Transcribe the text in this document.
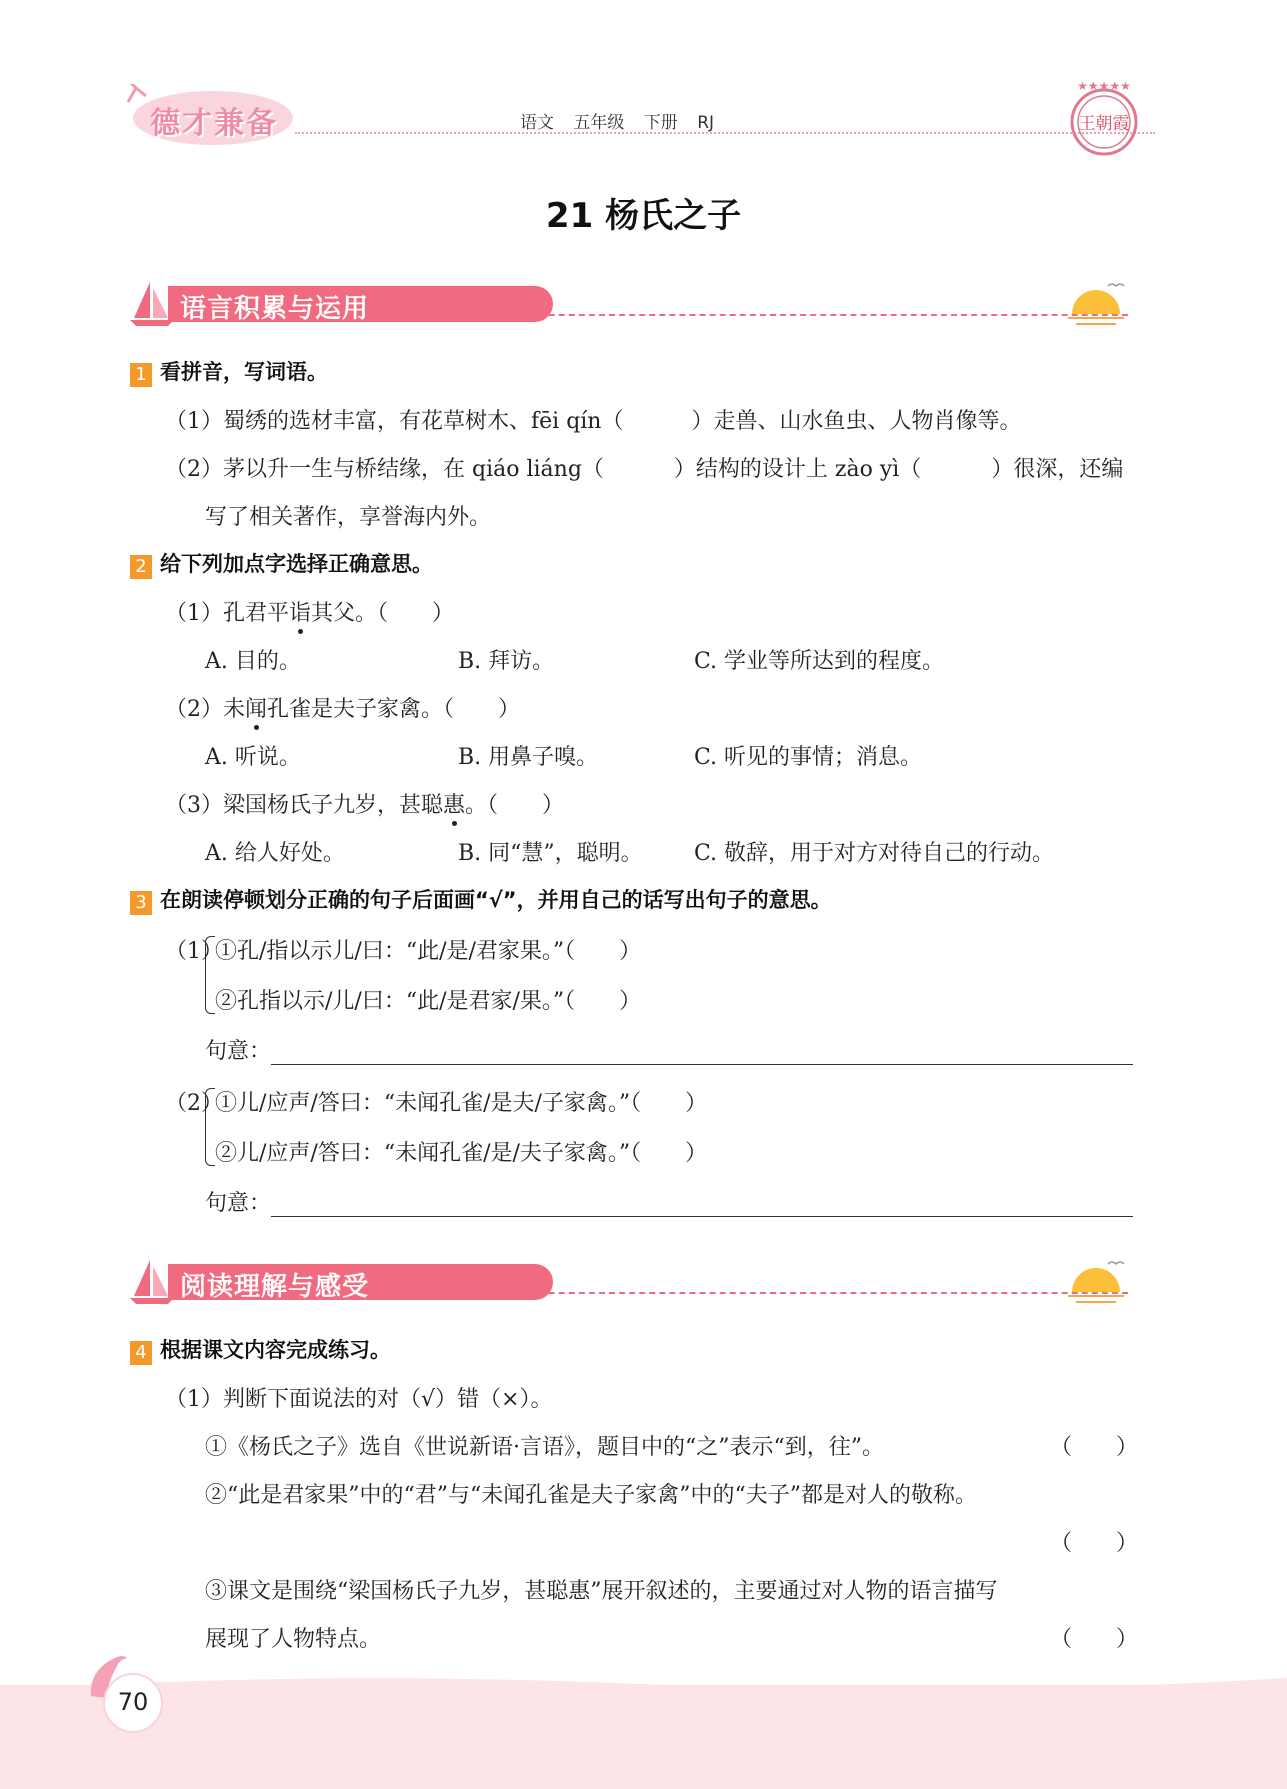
德才兼备	语文 五年级 下册 RJ
★★★★★
王朝霞
21 杨氏之子
语言积累与运用
1 看拼音，写词语。
（1）蜀绣的选材丰富，有花草树木、fēi qín（	）走兽、山水鱼虫、人物肖像等。
（2）茅以升一生与桥结缘，在 qiáo liáng（	）结构的设计上 zào yì（	）很深，还编
写了相关著作，享誉海内外。
2 给下列加点字选择正确意思。
（1）孔君平诣其父。（　　）
A. 目的。	B. 拜访。	C. 学业等所达到的程度。
（2）未闻孔雀是夫子家禽。（　　）
A. 听说。	B. 用鼻子嗅。	C. 听见的事情；消息。
（3）梁国杨氏子九岁，甚聪惠。（　　）
A. 给人好处。	B. 同“慧”，聪明。 C. 敬辞，用于对方对待自己的行动。
3 在朗读停顿划分正确的句子后面画“√”，并用自己的话写出句子的意思。
（1）
①孔/指以示儿/曰：“此/是/君家果。”（　　）
②孔指以示/儿/曰：“此/是君家/果。”（　　）
句意：
（2）
①儿/应声/答曰：“未闻孔雀/是夫/子家禽。”（　　）
②儿/应声/答曰：“未闻孔雀/是/夫子家禽。”（　　）
句意：
阅读理解与感受
4 根据课文内容完成练习。
（1）判断下面说法的对（√）错（×）。
①《杨氏之子》选自《世说新语·言语》，题目中的“之”表示“到，往”。	（　　）
②“此是君家果”中的“君”与“未闻孔雀是夫子家禽”中的“夫子”都是对人的敬称。
（　　）
③课文是围绕“梁国杨氏子九岁，甚聪惠”展开叙述的，主要通过对人物的语言描写
展现了人物特点。	（　　）
70
